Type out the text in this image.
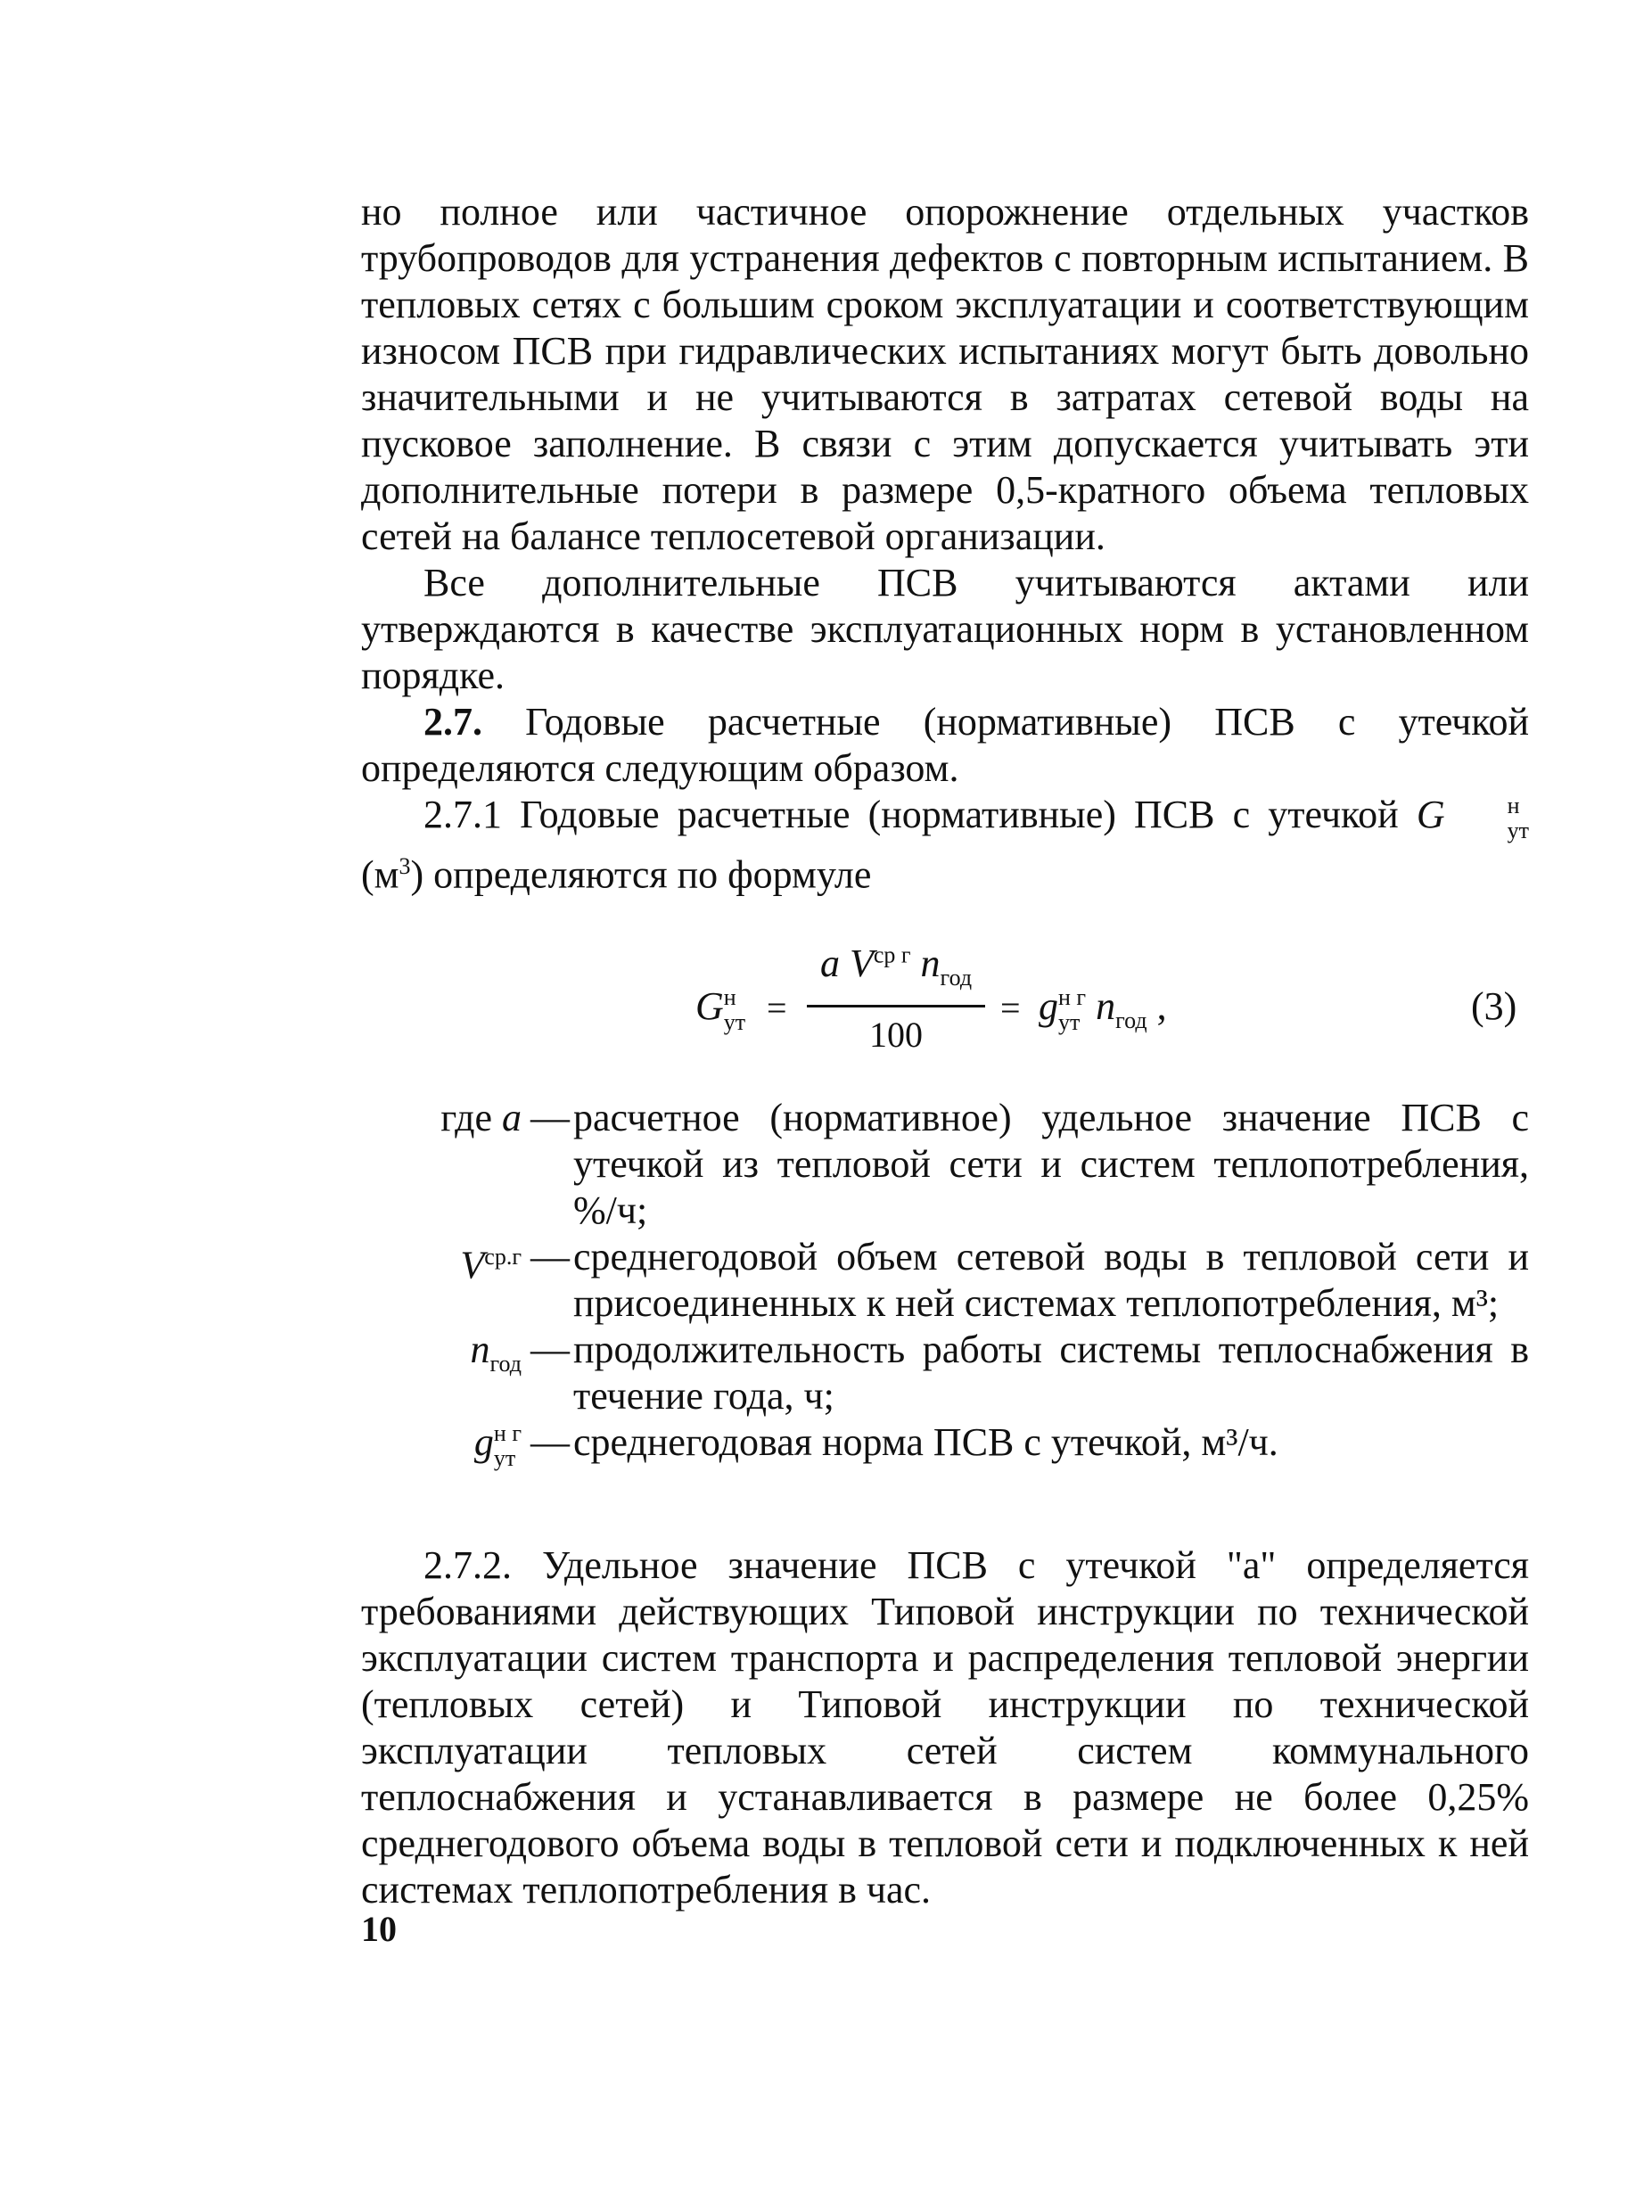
но полное или частичное опорожнение отдельных участков трубопроводов для устранения дефектов с повторным испытанием. В тепловых сетях с большим сроком эксплуатации и соответствующим износом ПСВ при гидравлических испытаниях могут быть довольно значительными и не учитываются в затратах сетевой воды на пусковое заполнение. В связи с этим допускается учитывать эти дополнительные потери в размере 0,5-кратного объема тепловых сетей на балансе теплосетевой организации.

Все дополнительные ПСВ учитываются актами или утверждаются в качестве эксплуатационных норм в установленном порядке.

2.7. Годовые расчетные (нормативные) ПСВ с утечкой определяются следующим образом.

2.7.1 Годовые расчетные (нормативные) ПСВ с утечкой G	н
ут
$(м^3)$ определяются по формуле

G н
ут =
a $V^{ср г}$ $n_{год}$
100
= g н г
ут $n_{год}$ ,	(3)
где a — расчетное (нормативное) удельное значение ПСВ с утечкой из тепловой сети и систем теплопотребления, %/ч;
$V^{ср.г}$ — среднегодовой объем сетевой воды в тепловой сети и присоединенных к ней системах теплопотребления, м³;
$n_{год}$ — продолжительность работы системы теплоснабжения в течение года, ч;
g н г
ут — среднегодовая норма ПСВ с утечкой, м³/ч.

2.7.2. Удельное значение ПСВ с утечкой "a" определяется требованиями действующих Типовой инструкции по технической эксплуатации систем транспорта и распределения тепловой энергии (тепловых сетей) и Типовой инструкции по технической эксплуатации тепловых сетей систем коммунального теплоснабжения и устанавливается в размере не более 0,25% среднегодового объема воды в тепловой сети и подключенных к ней системах теплопотребления в час.

10
